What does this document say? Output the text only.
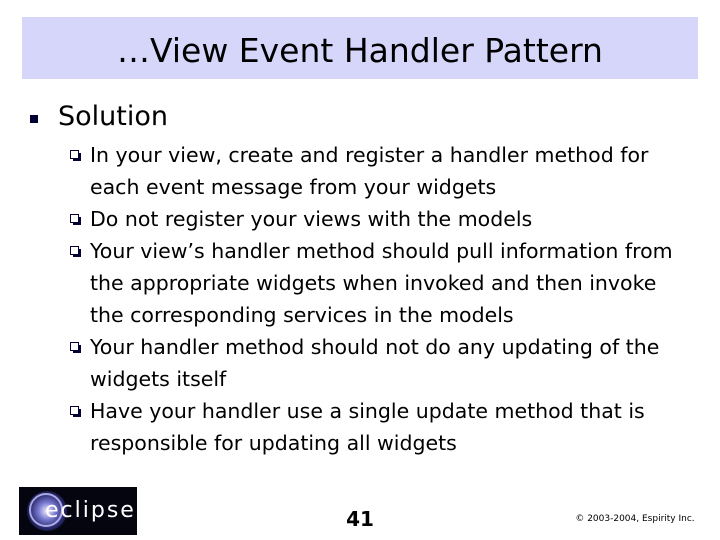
…View Event Handler Pattern
Solution
In your view, create and register a handler method for
each event message from your widgets
Do not register your views with the models
Your view’s handler method should pull information from
the appropriate widgets when invoked and then invoke
the corresponding services in the models
Your handler method should not do any updating of the
widgets itself
Have your handler use a single update method that is
responsible for updating all widgets
eclipse	41	© 2003-2004, Espirity Inc.
